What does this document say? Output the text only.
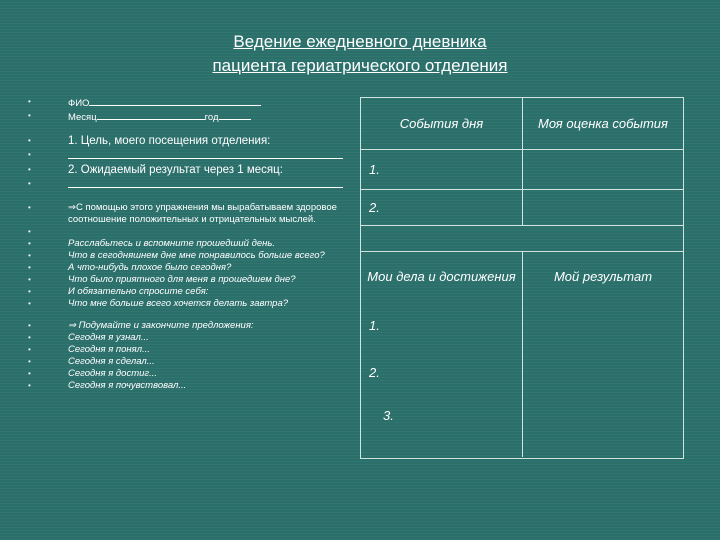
Ведение ежедневного дневника
пациента гериатрического отделения
•	ФИО
•	Месяц	год
•	1. Цель, моего посещения отделения:
•
•	2. Ожидаемый результат через 1 месяц:
•
•	⇒С помощью этого упражнения мы вырабатываем здоровое соотношение положительных и отрицательных мыслей.
•

•	Расслабьтесь и вспомните прошедший день.
•	Что в сегодняшнем дне мне понравилось больше всего?
•	А что-нибудь плохое было сегодня?
•	Что было приятного для меня в прошедшем дне?
•	И обязательно спросите себя:
•	Что мне больше всего хочется делать завтра?
•	⇒ Подумайте и закончите предложения:
•	Сегодня я узнал...
•	Сегодня я понял...
•	Сегодня я сделал...
•	Сегодня я достиг...
•	Сегодня я почувствовал...
События дня	Моя оценка события
1.
2.
Мои дела и достижения	Мой результат
1.
2.
3.
